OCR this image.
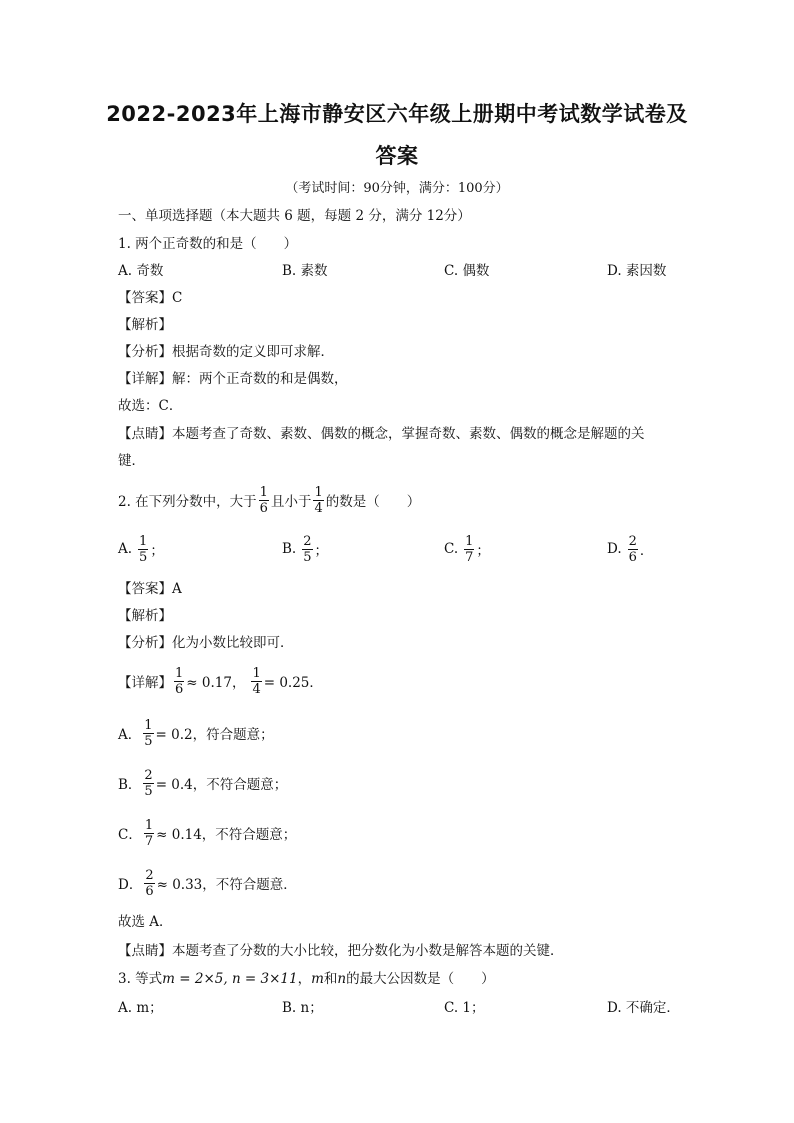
2022-2023年上海市静安区六年级上册期中考试数学试卷及
答案
（考试时间：90分钟，满分：100分）
一、单项选择题（本大题共 6 题，每题 2 分，满分 12分）
1. 两个正奇数的和是（　　）
A. 奇数	B. 素数	C. 偶数	D. 素因数
【答案】C
【解析】
【分析】根据奇数的定义即可求解．
【详解】解：两个正奇数的和是偶数，
故选：C．
【点睛】本题考查了奇数、素数、偶数的概念，掌握奇数、素数、偶数的概念是解题的关
键．
2. 在下列分数中，大于 $\frac{1}{6}$ 且小于 $\frac{1}{4}$ 的数是（　　）
A. $\frac{1}{5}$ ；	B. $\frac{2}{5}$ ；	C. $\frac{1}{7}$ ；	D. $\frac{2}{6}$ ．
【答案】A
【解析】
【分析】化为小数比较即可．
【详解】 $\frac{1}{6} \approx 0.17$， $\frac{1}{4} = 0.25$．
A． $\frac{1}{5} = 0.2$，符合题意；
B． $\frac{2}{5} = 0.4$，不符合题意；
C． $\frac{1}{7} \approx 0.14$，不符合题意；
D． $\frac{2}{6} \approx 0.33$，不符合题意．
故选 A．
【点睛】本题考查了分数的大小比较，把分数化为小数是解答本题的关键．
3. 等式m = 2×5, n = 3×11，m和n的最大公因数是（　　）
A. m；	B. n；	C. 1；	D. 不确定．
